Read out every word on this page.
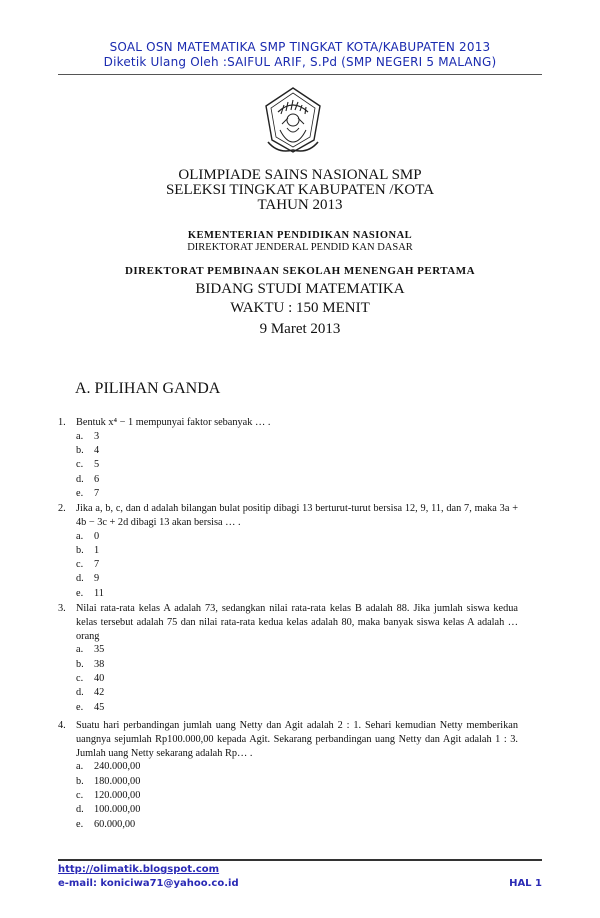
SOAL OSN MATEMATIKA SMP TINGKAT KOTA/KABUPATEN 2013
Diketik Ulang Oleh :SAIFUL ARIF, S.Pd (SMP NEGERI 5 MALANG)
OLIMPIADE SAINS NASIONAL SMP
SELEKSI TINGKAT KABUPATEN /KOTA
TAHUN 2013
KEMENTERIAN PENDIDIKAN NASIONAL
DIREKTORAT JENDERAL PENDID KAN DASAR
DIREKTORAT PEMBINAAN SEKOLAH MENENGAH PERTAMA
BIDANG STUDI MATEMATIKA
WAKTU : 150 MENIT
9 Maret 2013
A. PILIHAN GANDA
1. Bentuk x⁴ − 1 mempunyai faktor sebanyak … .
a. 3
b. 4
c. 5
d. 6
e. 7
2. Jika a, b, c, dan d adalah bilangan bulat positip dibagi 13 berturut-turut bersisa 12, 9, 11, dan 7, maka 3a + 4b − 3c + 2d dibagi 13 akan bersisa … .
a. 0
b. 1
c. 7
d. 9
e. 11
3. Nilai rata-rata kelas A adalah 73, sedangkan nilai rata-rata kelas B adalah 88. Jika jumlah siswa kedua kelas tersebut adalah 75 dan nilai rata-rata kedua kelas adalah 80, maka banyak siswa kelas A adalah … orang
a. 35
b. 38
c. 40
d. 42
e. 45
4. Suatu hari perbandingan jumlah uang Netty dan Agit adalah 2 : 1. Sehari kemudian Netty memberikan uangnya sejumlah Rp100.000,00 kepada Agit. Sekarang perbandingan uang Netty dan Agit adalah 1 : 3. Jumlah uang Netty sekarang adalah Rp… .
a. 240.000,00
b. 180.000,00
c. 120.000,00
d. 100.000,00
e. 60.000,00
http://olimatik.blogspot.com
e-mail: koniciwa71@yahoo.co.id	HAL 1
